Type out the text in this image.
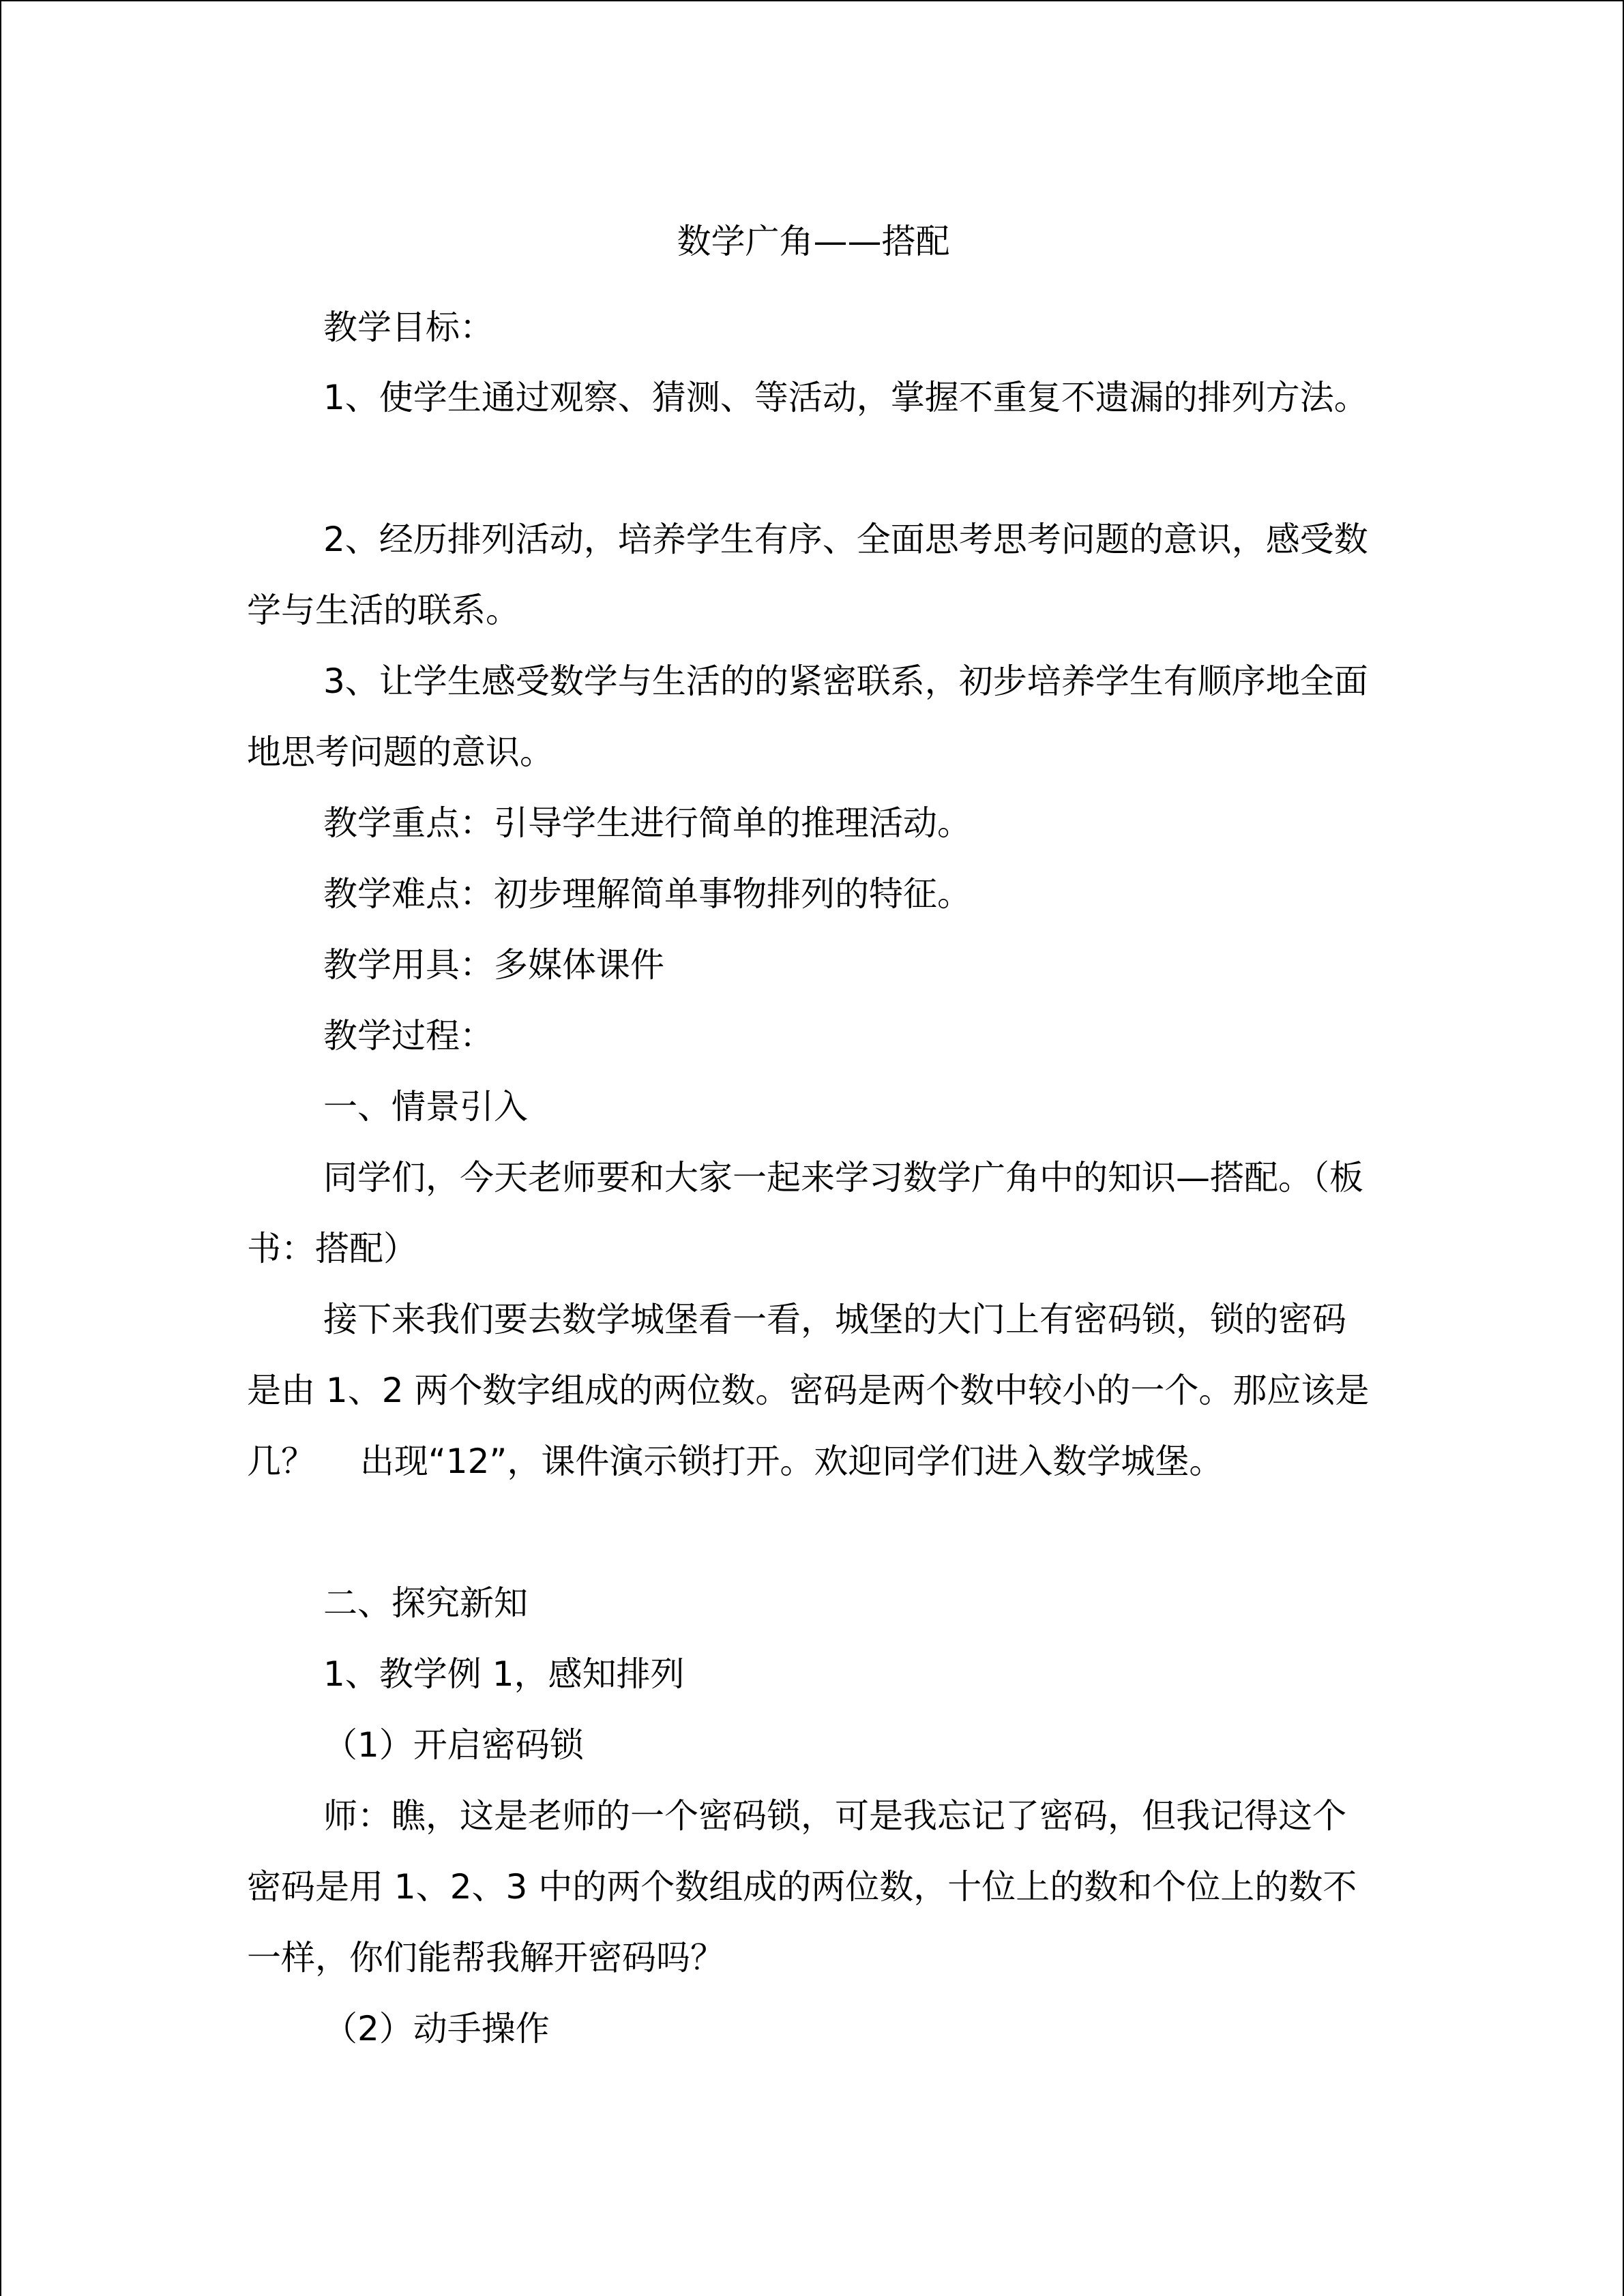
数学广角——搭配

教学目标：

1、使学生通过观察、猜测、等活动，掌握不重复不遗漏的排列方法。

2、经历排列活动，培养学生有序、全面思考思考问题的意识，感受数学与生活的联系。

3、让学生感受数学与生活的的紧密联系，初步培养学生有顺序地全面地思考问题的意识。

教学重点：引导学生进行简单的推理活动。

教学难点：初步理解简单事物排列的特征。

教学用具：多媒体课件

教学过程：

一、情景引入

同学们，今天老师要和大家一起来学习数学广角中的知识—搭配。（板书：搭配）

接下来我们要去数学城堡看一看，城堡的大门上有密码锁，锁的密码是由 1、2 两个数字组成的两位数。密码是两个数中较小的一个。那应该是几？　 出现“12”，课件演示锁打开。欢迎同学们进入数学城堡。

二、探究新知

1、教学例 1，感知排列

（1）开启密码锁

师：瞧，这是老师的一个密码锁，可是我忘记了密码，但我记得这个密码是用 1、2、3 中的两个数组成的两位数，十位上的数和个位上的数不一样，你们能帮我解开密码吗？

（2）动手操作
